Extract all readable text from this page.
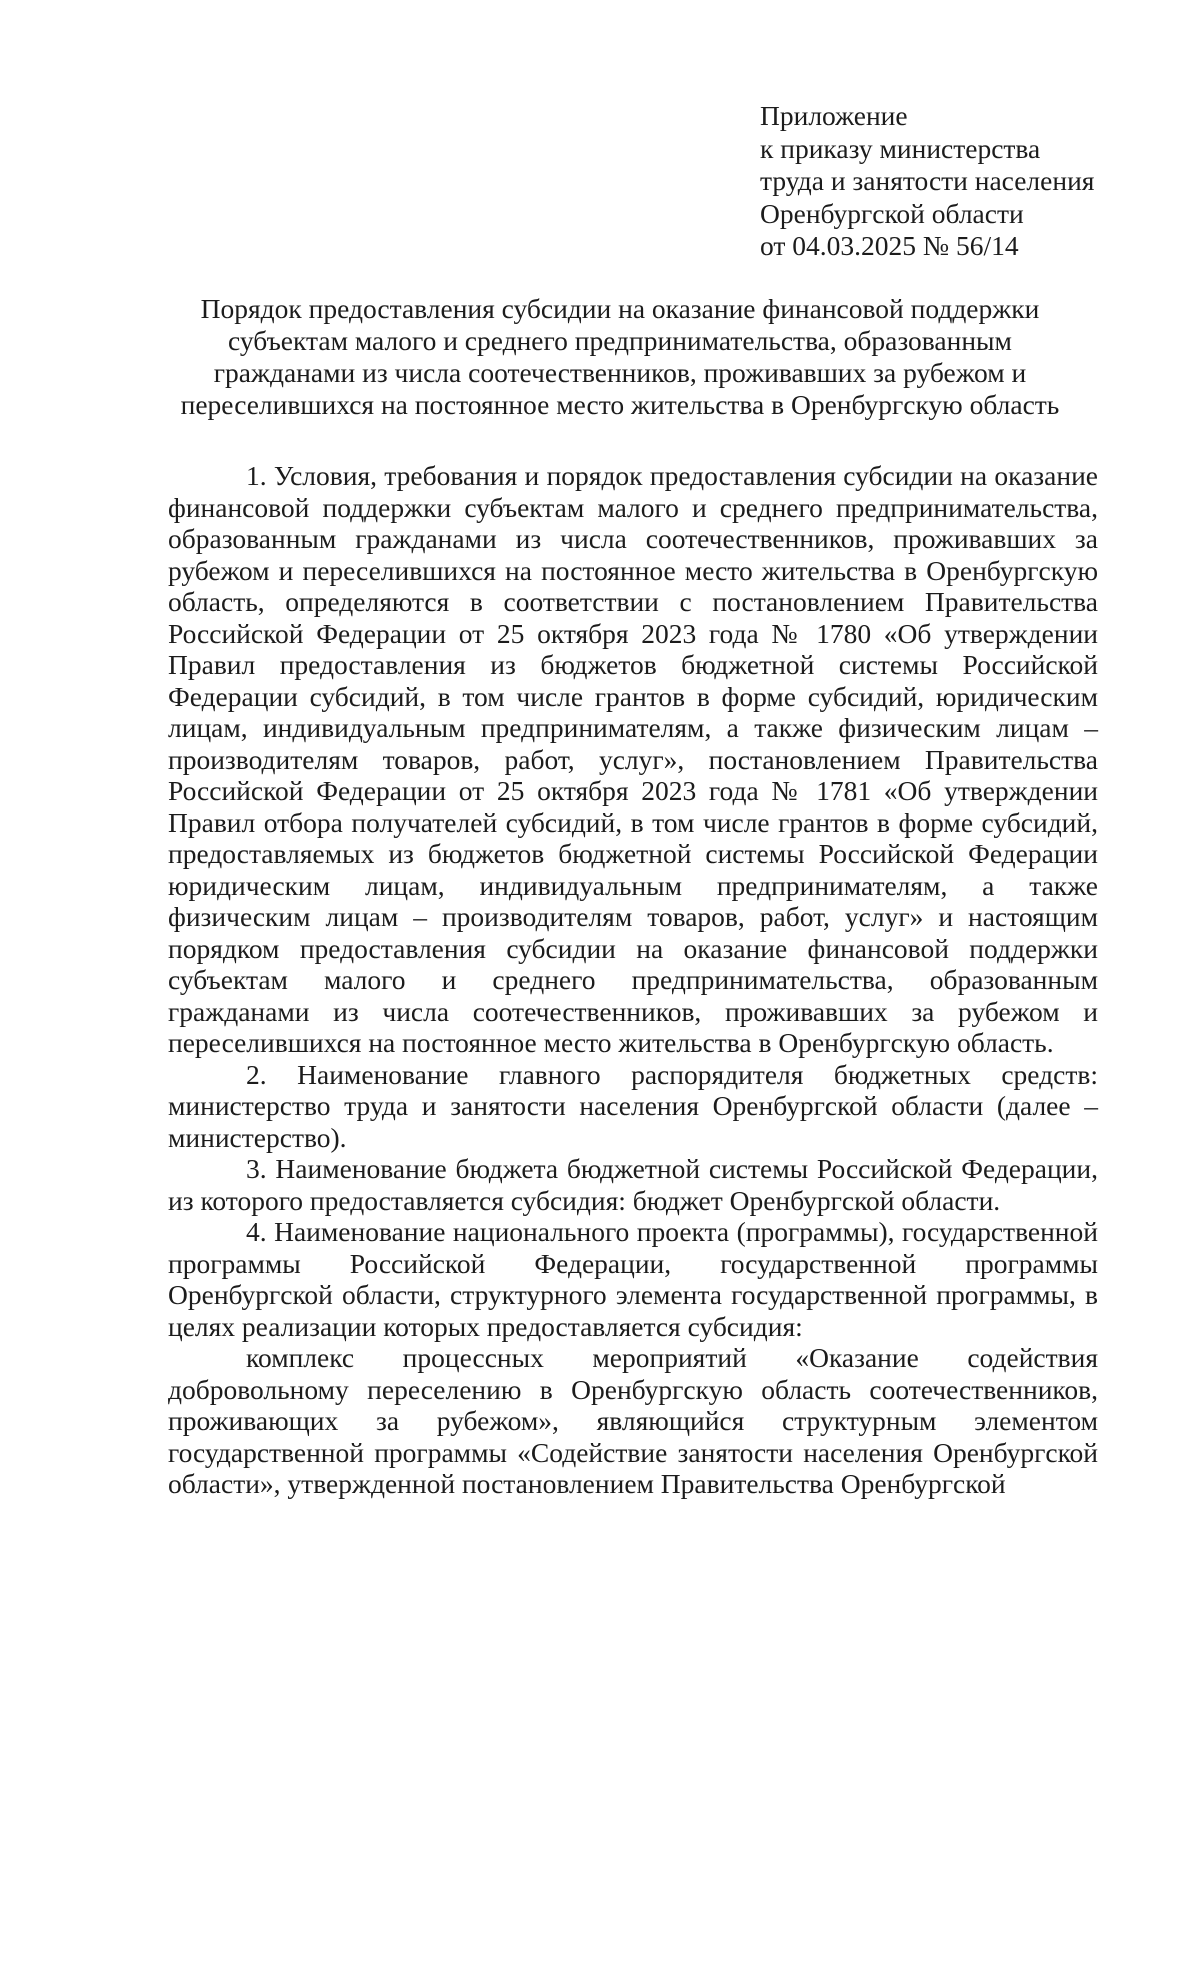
Приложение
к приказу министерства
труда и занятости населения
Оренбургской области
от 04.03.2025 № 56/14
Порядок предоставления субсидии на оказание финансовой поддержки
субъектам малого и среднего предпринимательства, образованным
гражданами из числа соотечественников, проживавших за рубежом и
переселившихся на постоянное место жительства в Оренбургскую область

1. Условия, требования и порядок предоставления субсидии на оказание финансовой поддержки субъектам малого и среднего предпринимательства, образованным гражданами из числа соотечественников, проживавших за рубежом и переселившихся на постоянное место жительства в Оренбургскую область, определяются в соответствии с постановлением Правительства Российской Федерации от 25 октября 2023 года № 1780 «Об утверждении Правил предоставления из бюджетов бюджетной системы Российской Федерации субсидий, в том числе грантов в форме субсидий, юридическим лицам, индивидуальным предпринимателям, а также физическим лицам – производителям товаров, работ, услуг», постановлением Правительства Российской Федерации от 25 октября 2023 года № 1781 «Об утверждении Правил отбора получателей субсидий, в том числе грантов в форме субсидий, предоставляемых из бюджетов бюджетной системы Российской Федерации юридическим лицам, индивидуальным предпринимателям, а также физическим лицам – производителям товаров, работ, услуг» и настоящим порядком предоставления субсидии на оказание финансовой поддержки субъектам малого и среднего предпринимательства, образованным гражданами из числа соотечественников, проживавших за рубежом и переселившихся на постоянное место жительства в Оренбургскую область.

2. Наименование главного распорядителя бюджетных средств: министерство труда и занятости населения Оренбургской области (далее – министерство).

3. Наименование бюджета бюджетной системы Российской Федерации, из которого предоставляется субсидия: бюджет Оренбургской области.

4. Наименование национального проекта (программы), государственной программы Российской Федерации, государственной программы Оренбургской области, структурного элемента государственной программы, в целях реализации которых предоставляется субсидия:

комплекс процессных мероприятий «Оказание содействия добровольному переселению в Оренбургскую область соотечественников, проживающих за рубежом», являющийся структурным элементом государственной программы «Содействие занятости населения Оренбургской области», утвержденной постановлением Правительства Оренбургской
